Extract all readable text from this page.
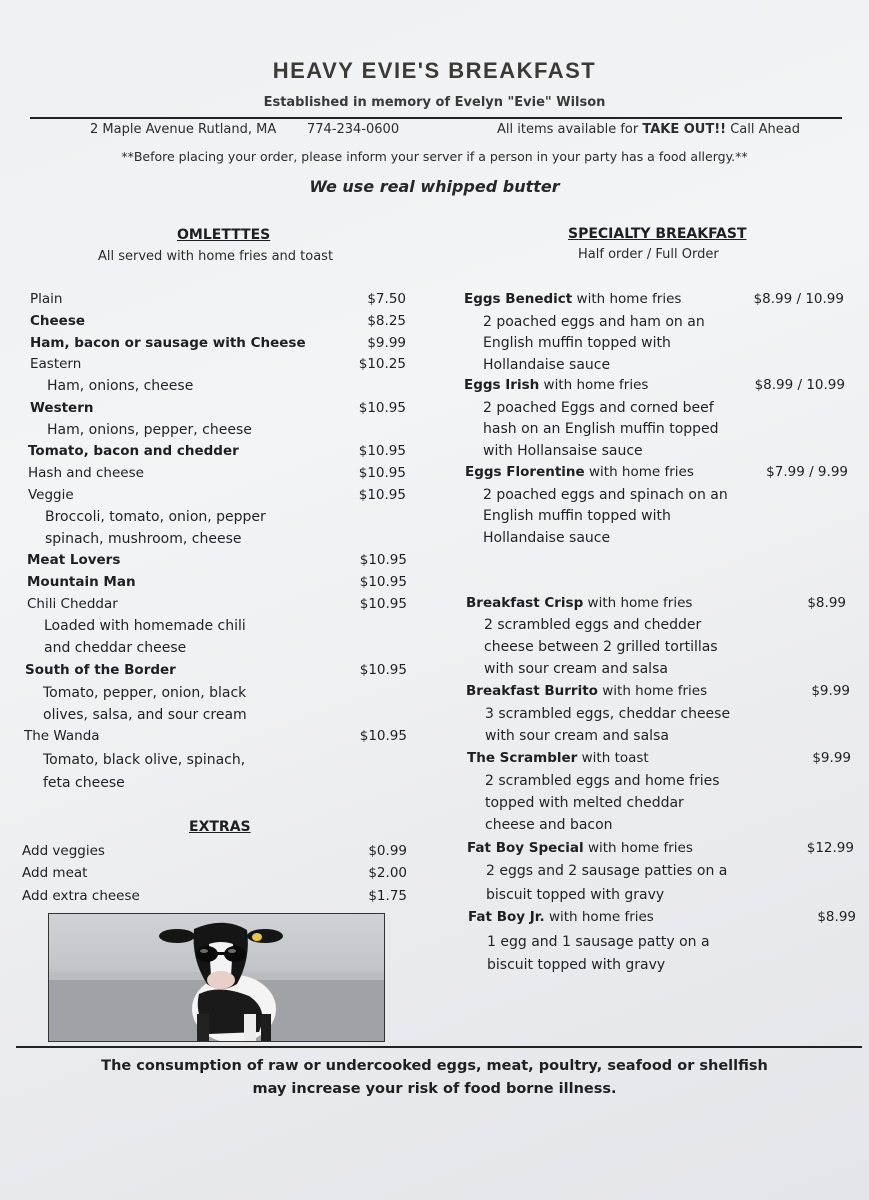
HEAVY EVIE'S BREAKFAST
Established in memory of Evelyn "Evie" Wilson
2 Maple Avenue Rutland, MA 774-234-0600	All items available for TAKE OUT!! Call Ahead
**Before placing your order, please inform your server if a person in your party has a food allergy.**
We use real whipped butter
OMLETTTES
All served with home fries and toast
Plain	$7.50
Cheese	$8.25
Ham, bacon or sausage with Cheese	$9.99
Eastern	$10.25
Ham, onions, cheese
Western	$10.95
Ham, onions, pepper, cheese
Tomato, bacon and chedder	$10.95
Hash and cheese	$10.95
Veggie	$10.95
Broccoli, tomato, onion, pepper
spinach, mushroom, cheese
Meat Lovers	$10.95
Mountain Man	$10.95
Chili Cheddar	$10.95
Loaded with homemade chili
and cheddar cheese
South of the Border	$10.95
Tomato, pepper, onion, black
olives, salsa, and sour cream
The Wanda	$10.95
Tomato, black olive, spinach,
feta cheese
EXTRAS
Add veggies	$0.99
Add meat	$2.00
Add extra cheese	$1.75
SPECIALTY BREAKFAST
Half order / Full Order
Eggs Benedict with home fries	$8.99 / 10.99
2 poached eggs and ham on an
English muffin topped with
Hollandaise sauce
Eggs Irish with home fries	$8.99 / 10.99
2 poached Eggs and corned beef
hash on an English muffin topped
with Hollansaise sauce
Eggs Florentine with home fries	$7.99 / 9.99
2 poached eggs and spinach on an
English muffin topped with
Hollandaise sauce
Breakfast Crisp with home fries	$8.99
2 scrambled eggs and chedder
cheese between 2 grilled tortillas
with sour cream and salsa
Breakfast Burrito with home fries	$9.99
3 scrambled eggs, cheddar cheese
with sour cream and salsa
The Scrambler with toast	$9.99
2 scrambled eggs and home fries
topped with melted cheddar
cheese and bacon
Fat Boy Special with home fries	$12.99
2 eggs and 2 sausage patties on a
biscuit topped with gravy
Fat Boy Jr. with home fries	$8.99
1 egg and 1 sausage patty on a
biscuit topped with gravy
The consumption of raw or undercooked eggs, meat, poultry, seafood or shellfish
may increase your risk of food borne illness.
